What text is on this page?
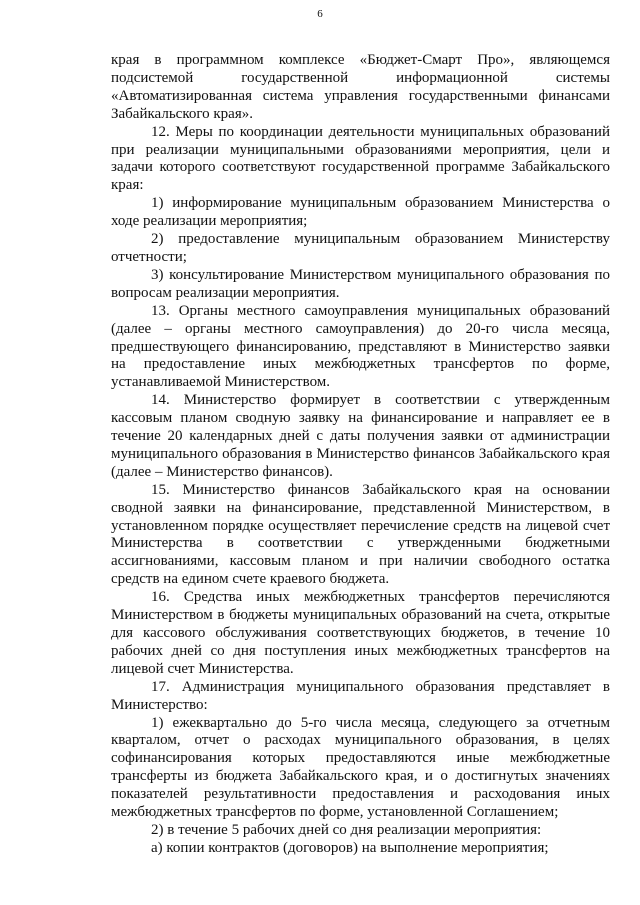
6

края в программном комплексе «Бюджет-Смарт Про», являющемся подсистемой государственной информационной системы «Автоматизированная система управления государственными финансами Забайкальского края».

12. Меры по координации деятельности муниципальных образований при реализации муниципальными образованиями мероприятия, цели и задачи которого соответствуют государственной программе Забайкальского края:

1) информирование муниципальным образованием Министерства о ходе реализации мероприятия;

2) предоставление муниципальным образованием Министерству отчетности;

3) консультирование Министерством муниципального образования по вопросам реализации мероприятия.

13. Органы местного самоуправления муниципальных образований (далее – органы местного самоуправления) до 20-го числа месяца, предшествующего финансированию, представляют в Министерство заявки на предоставление иных межбюджетных трансфертов по форме, устанавливаемой Министерством.

14. Министерство формирует в соответствии с утвержденным кассовым планом сводную заявку на финансирование и направляет ее в течение 20 календарных дней с даты получения заявки от администрации муниципального образования в Министерство финансов Забайкальского края (далее – Министерство финансов).

15. Министерство финансов Забайкальского края на основании сводной заявки на финансирование, представленной Министерством, в установленном порядке осуществляет перечисление средств на лицевой счет Министерства в соответствии с утвержденными бюджетными ассигнованиями, кассовым планом и при наличии свободного остатка средств на едином счете краевого бюджета.

16. Средства иных межбюджетных трансфертов перечисляются Министерством в бюджеты муниципальных образований на счета, открытые для кассового обслуживания соответствующих бюджетов, в течение 10 рабочих дней со дня поступления иных межбюджетных трансфертов на лицевой счет Министерства.

17. Администрация муниципального образования представляет в Министерство:

1) ежеквартально до 5-го числа месяца, следующего за отчетным кварталом, отчет о расходах муниципального образования, в целях софинансирования которых предоставляются иные межбюджетные трансферты из бюджета Забайкальского края, и о достигнутых значениях показателей результативности предоставления и расходования иных межбюджетных трансфертов по форме, установленной Соглашением;

2) в течение 5 рабочих дней со дня реализации мероприятия:

а) копии контрактов (договоров) на выполнение мероприятия;
